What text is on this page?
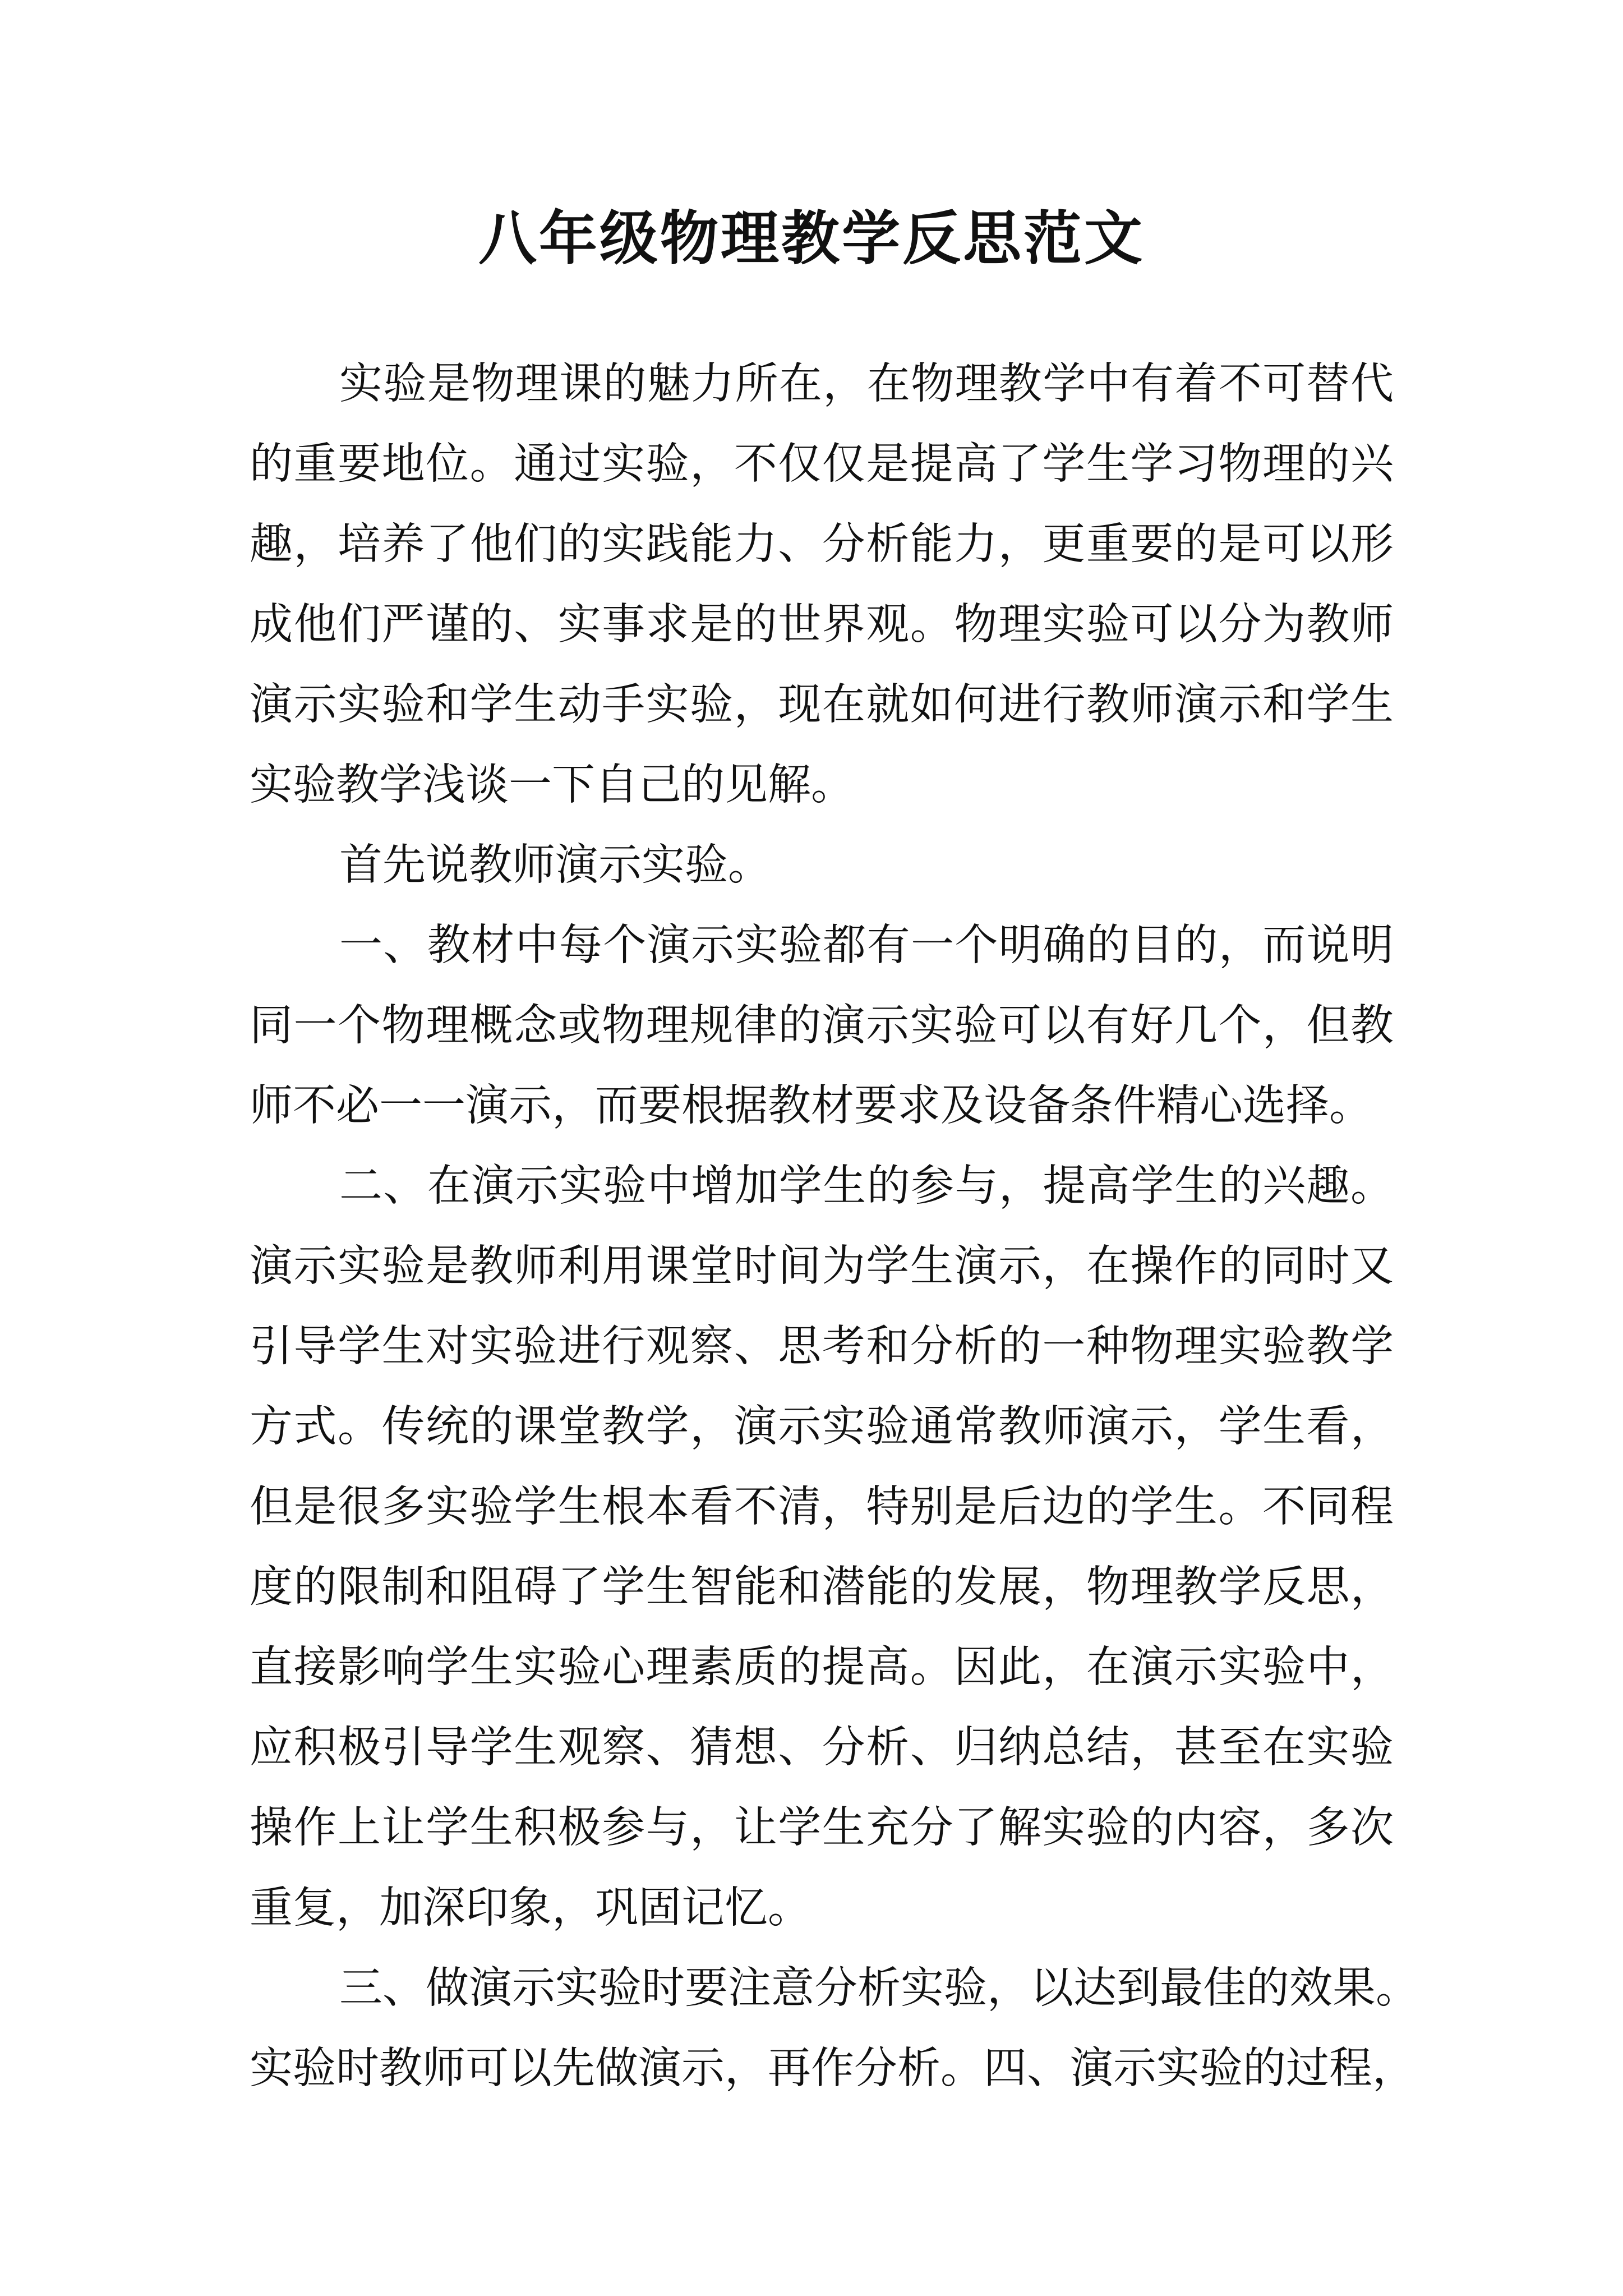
八年级物理教学反思范文
实验是物理课的魅力所在，在物理教学中有着不可替代
的重要地位。通过实验，不仅仅是提高了学生学习物理的兴
趣，培养了他们的实践能力、分析能力，更重要的是可以形
成他们严谨的、实事求是的世界观。物理实验可以分为教师
演示实验和学生动手实验，现在就如何进行教师演示和学生
实验教学浅谈一下自己的见解。
首先说教师演示实验。
一、教材中每个演示实验都有一个明确的目的，而说明
同一个物理概念或物理规律的演示实验可以有好几个，但教
师不必一一演示，而要根据教材要求及设备条件精心选择。
二、在演示实验中增加学生的参与，提高学生的兴趣。
演示实验是教师利用课堂时间为学生演示，在操作的同时又
引导学生对实验进行观察、思考和分析的一种物理实验教学
方式。传统的课堂教学，演示实验通常教师演示，学生看，
但是很多实验学生根本看不清，特别是后边的学生。不同程
度的限制和阻碍了学生智能和潜能的发展，物理教学反思，
直接影响学生实验心理素质的提高。因此，在演示实验中，
应积极引导学生观察、猜想、分析、归纳总结，甚至在实验
操作上让学生积极参与，让学生充分了解实验的内容，多次
重复，加深印象，巩固记忆。
三、做演示实验时要注意分析实验，以达到最佳的效果。
实验时教师可以先做演示，再作分析。四、演示实验的过程，
